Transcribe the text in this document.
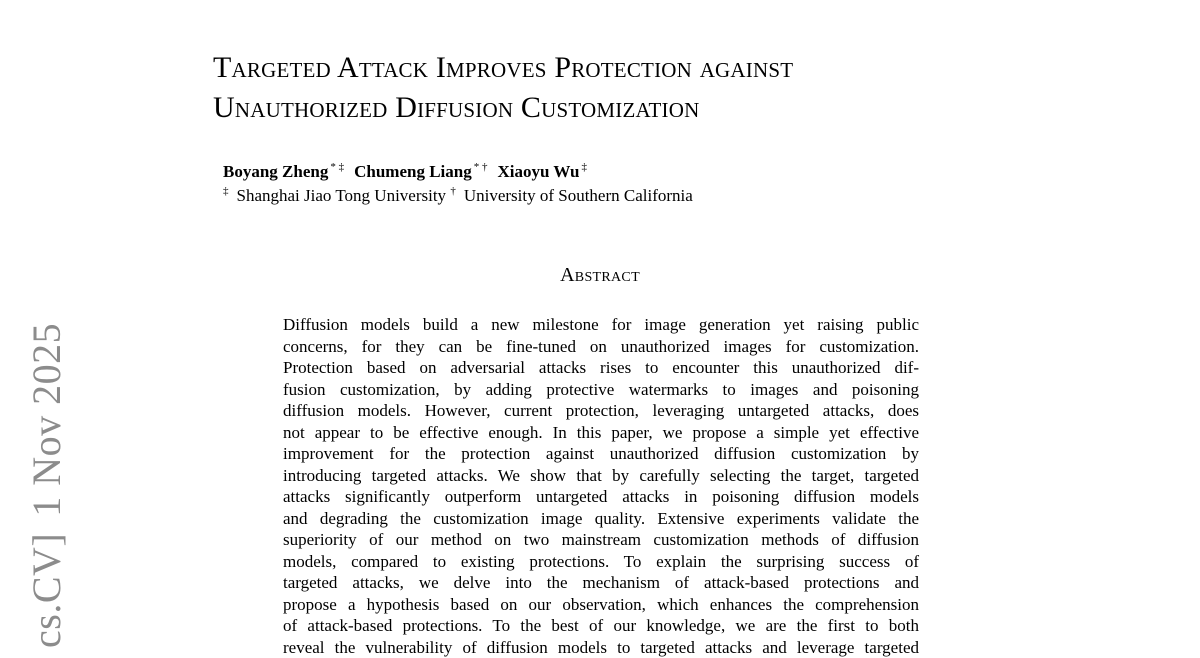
cs.CV]1 Nov 2025
Targeted Attack Improves Protection against
Unauthorized Diffusion Customization
Boyang Zheng * ‡ Chumeng Liang * † Xiaoyu Wu ‡
‡ Shanghai Jiao Tong University † University of Southern California
Abstract
Diffusion models build a new milestone for image generation yet raising public
concerns, for they can be fine-tuned on unauthorized images for customization.
Protection based on adversarial attacks rises to encounter this unauthorized dif-
fusion customization, by adding protective watermarks to images and poisoning
diffusion models. However, current protection, leveraging untargeted attacks, does
not appear to be effective enough. In this paper, we propose a simple yet effective
improvement for the protection against unauthorized diffusion customization by
introducing targeted attacks. We show that by carefully selecting the target, targeted
attacks significantly outperform untargeted attacks in poisoning diffusion models
and degrading the customization image quality. Extensive experiments validate the
superiority of our method on two mainstream customization methods of diffusion
models, compared to existing protections. To explain the surprising success of
targeted attacks, we delve into the mechanism of attack-based protections and
propose a hypothesis based on our observation, which enhances the comprehension
of attack-based protections. To the best of our knowledge, we are the first to both
reveal the vulnerability of diffusion models to targeted attacks and leverage targeted
